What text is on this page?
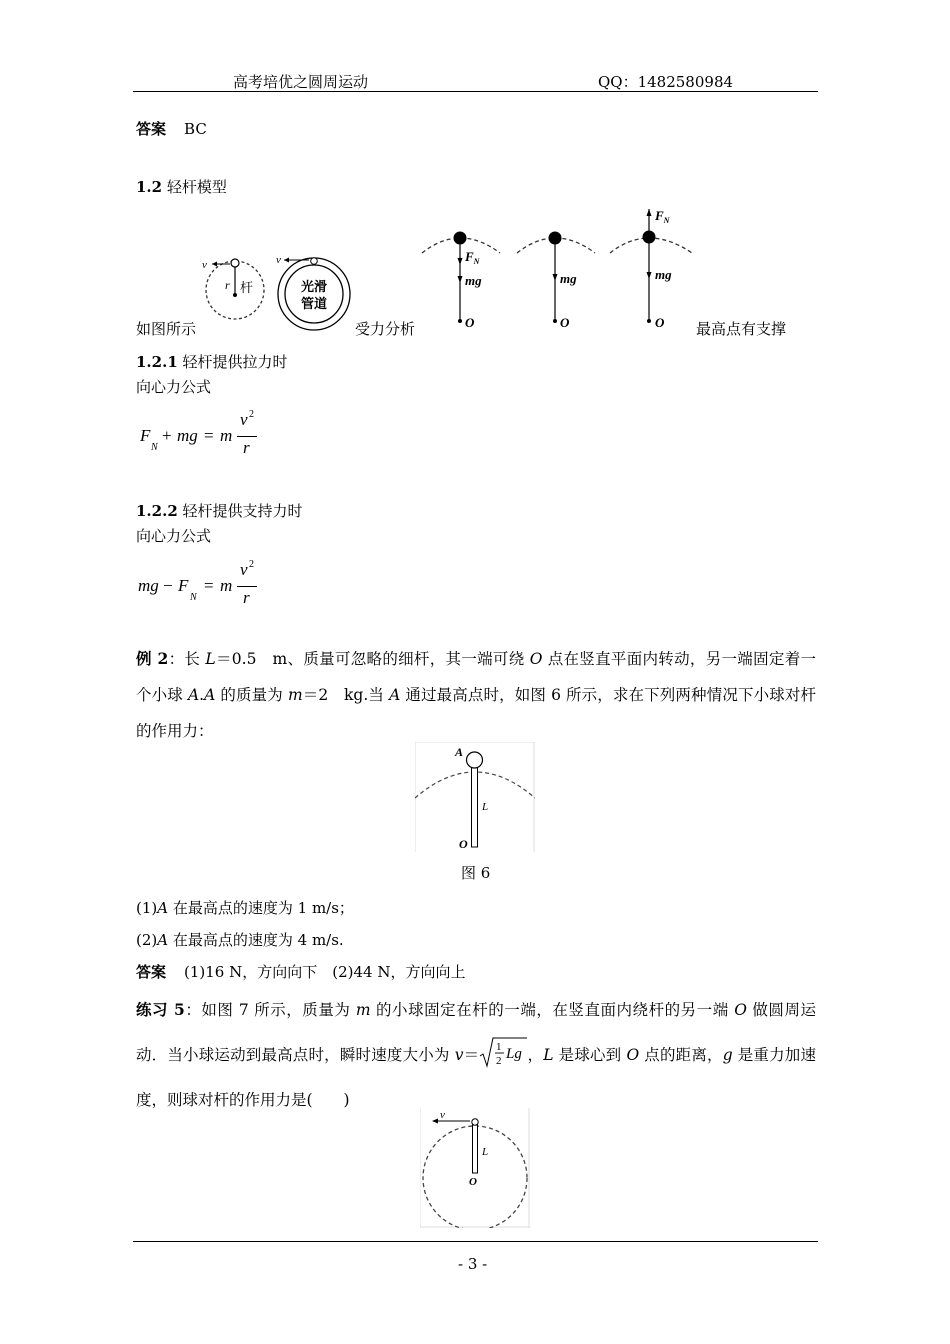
高考培优之圆周运动	QQ：1482580984
答案 BC
1.2 轻杆模型
如图所示	受力分析	最高点有支撑
v
r 杆
v
光滑
管道
$F_N$
mg
O
mg
O
$F_N$
mg
O
1.2.1 轻杆提供拉力时
向心力公式
F
N
+ mg = m
v 2
r
1.2.2 轻杆提供支持力时
向心力公式
mg − F
N
= m
v 2
r
例 2：长 L＝0.5　m、质量可忽略的细杆，其一端可绕 O 点在竖直平面内转动，另一端固定着一个小球 A.A 的质量为 m＝2　kg.当 A 通过最高点时，如图 6 所示，求在下列两种情况下小球对杆的作用力：
A
L
O
图 6
(1)A 在最高点的速度为 1 m/s；
(2)A 在最高点的速度为 4 m/s.
答案 (1)16 N，方向向下　(2)44 N，方向向上
练习 5：如图 7 所示，质量为 m 的小球固定在杆的一端，在竖直面内绕杆的另一端 O 做圆周运动．当小球运动到最高点时，瞬时速度大小为 v＝ 1
2 Lg ，L 是球心到 O 点的距离，g 是重力加速度，则球对杆的作用力是(　　)
v
L
O
- 3 -
